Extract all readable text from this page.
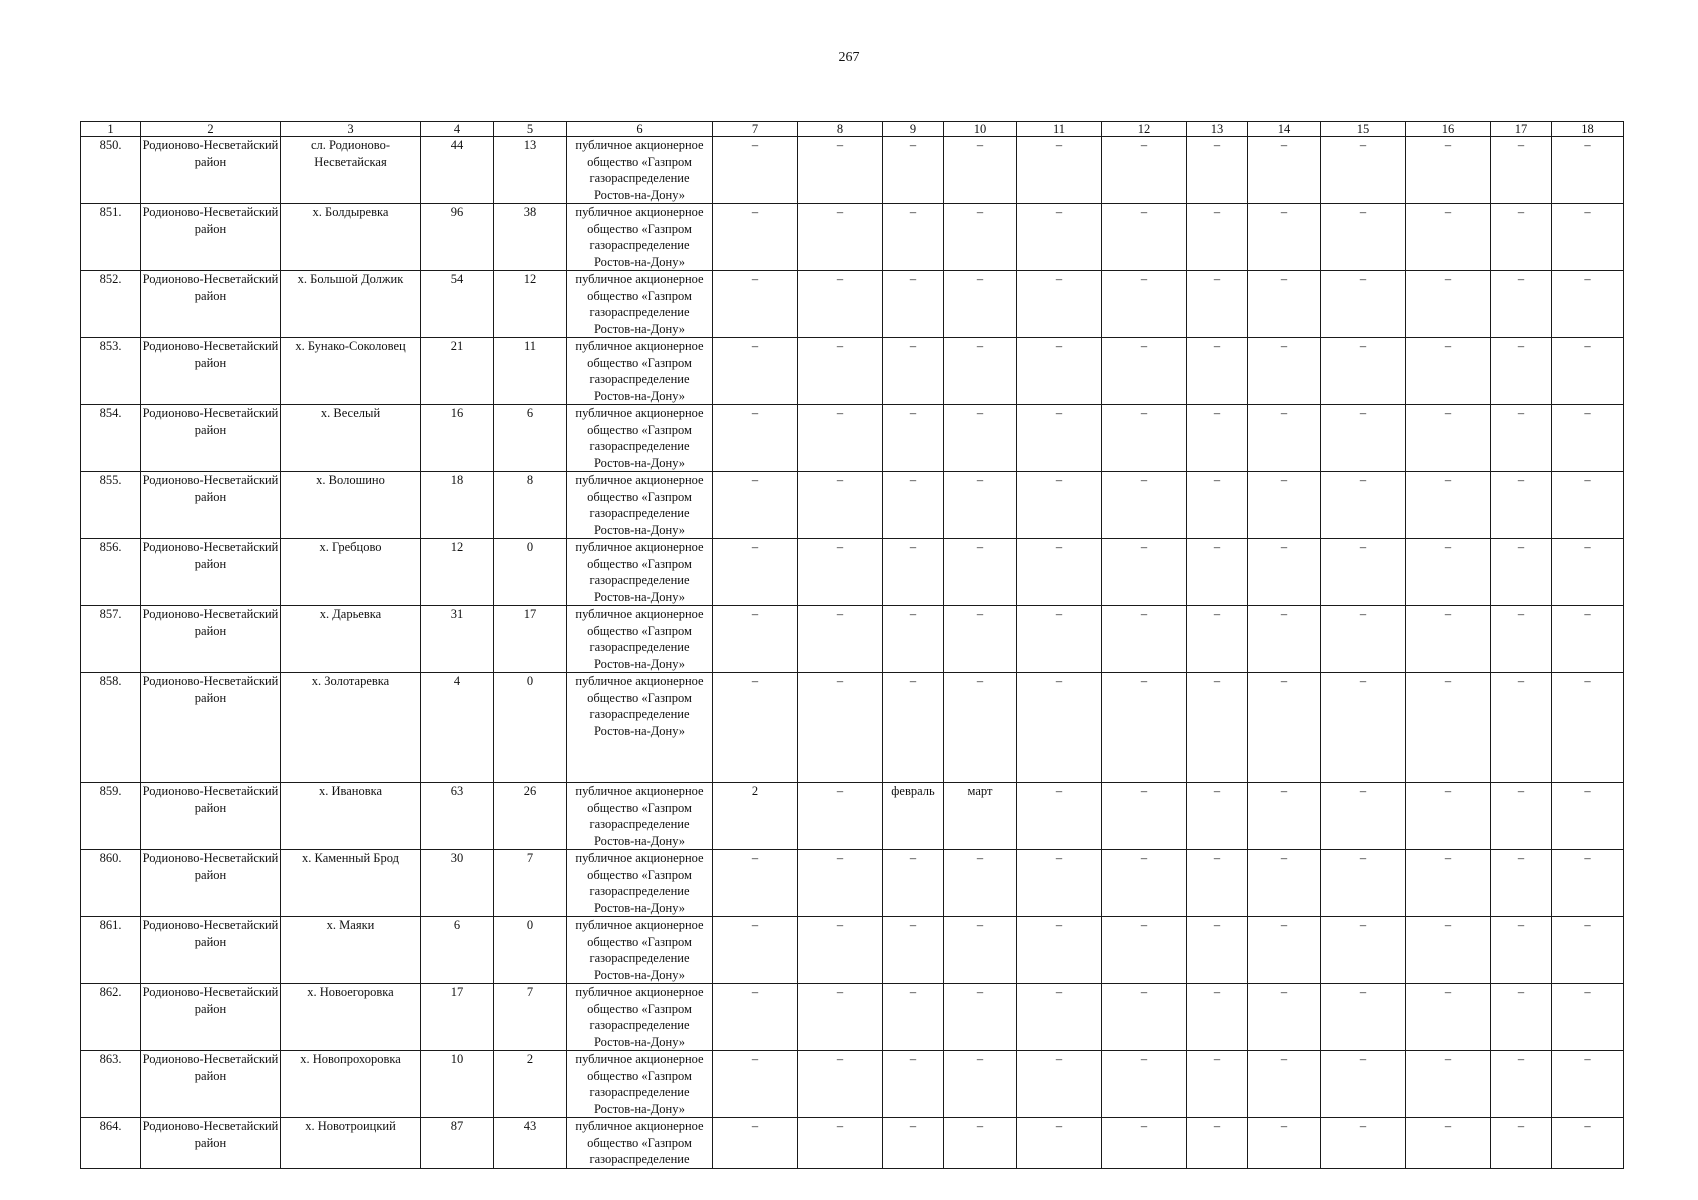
267
1	2	3	4	5	6	7	8	9	10	11	12	13	14	15	16	17	18
850.	Родионово-Несветайский район	сл. Родионово-Несветайская	44	13	публичное акционерное общество «Газпром газораспределение Ростов-на-Дону»	–	–	–	–	–	–	–	–	–	–	–	–
851.	Родионово-Несветайский район	х. Болдыревка	96	38	публичное акционерное общество «Газпром газораспределение Ростов-на-Дону»	–	–	–	–	–	–	–	–	–	–	–	–
852.	Родионово-Несветайский район	х. Большой Должик	54	12	публичное акционерное общество «Газпром газораспределение Ростов-на-Дону»	–	–	–	–	–	–	–	–	–	–	–	–
853.	Родионово-Несветайский район	х. Бунако-Соколовец	21	11	публичное акционерное общество «Газпром газораспределение Ростов-на-Дону»	–	–	–	–	–	–	–	–	–	–	–	–
854.	Родионово-Несветайский район	х. Веселый	16	6	публичное акционерное общество «Газпром газораспределение Ростов-на-Дону»	–	–	–	–	–	–	–	–	–	–	–	–
855.	Родионово-Несветайский район	х. Волошино	18	8	публичное акционерное общество «Газпром газораспределение Ростов-на-Дону»	–	–	–	–	–	–	–	–	–	–	–	–
856.	Родионово-Несветайский район	х. Гребцово	12	0	публичное акционерное общество «Газпром газораспределение Ростов-на-Дону»	–	–	–	–	–	–	–	–	–	–	–	–
857.	Родионово-Несветайский район	х. Дарьевка	31	17	публичное акционерное общество «Газпром газораспределение Ростов-на-Дону»	–	–	–	–	–	–	–	–	–	–	–	–
858.	Родионово-Несветайский район	х. Золотаревка	4	0	публичное акционерное общество «Газпром газораспределение Ростов-на-Дону»	–	–	–	–	–	–	–	–	–	–	–	–
859.	Родионово-Несветайский район	х. Ивановка	63	26	публичное акционерное общество «Газпром газораспределение Ростов-на-Дону»	2	–	февраль	март	–	–	–	–	–	–	–	–
860.	Родионово-Несветайский район	х. Каменный Брод	30	7	публичное акционерное общество «Газпром газораспределение Ростов-на-Дону»	–	–	–	–	–	–	–	–	–	–	–	–
861.	Родионово-Несветайский район	х. Маяки	6	0	публичное акционерное общество «Газпром газораспределение Ростов-на-Дону»	–	–	–	–	–	–	–	–	–	–	–	–
862.	Родионово-Несветайский район	х. Новоегоровка	17	7	публичное акционерное общество «Газпром газораспределение Ростов-на-Дону»	–	–	–	–	–	–	–	–	–	–	–	–
863.	Родионово-Несветайский район	х. Новопрохоровка	10	2	публичное акционерное общество «Газпром газораспределение Ростов-на-Дону»	–	–	–	–	–	–	–	–	–	–	–	–
864.	Родионово-Несветайский район	х. Новотроицкий	87	43	публичное акционерное общество «Газпром газораспределение	–	–	–	–	–	–	–	–	–	–	–	–
